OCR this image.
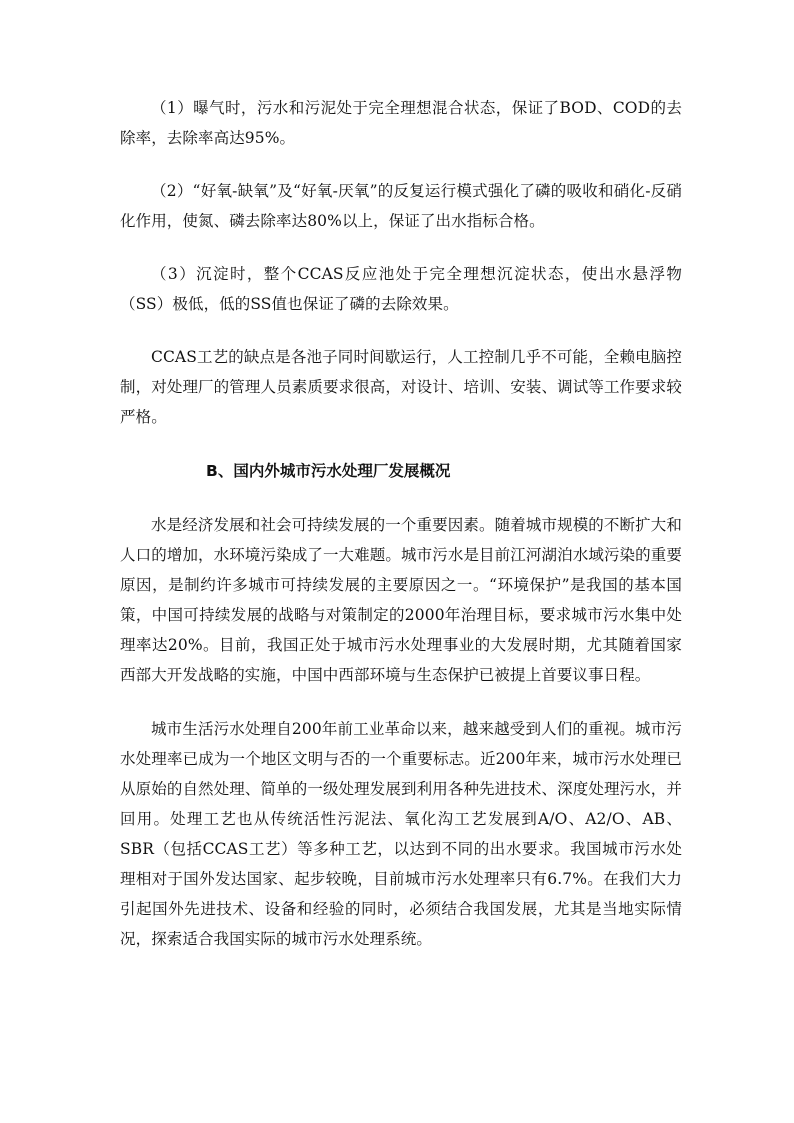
（1）曝气时，污水和污泥处于完全理想混合状态，保证了BOD、COD的去除率，去除率高达95%。

（2）“好氧-缺氧”及“好氧-厌氧”的反复运行模式强化了磷的吸收和硝化-反硝化作用，使氮、磷去除率达80%以上，保证了出水指标合格。

（3）沉淀时，整个CCAS反应池处于完全理想沉淀状态，使出水悬浮物（SS）极低，低的SS值也保证了磷的去除效果。

CCAS工艺的缺点是各池子同时间歇运行，人工控制几乎不可能，全赖电脑控制，对处理厂的管理人员素质要求很高，对设计、培训、安装、调试等工作要求较严格。

B、国内外城市污水处理厂发展概况

水是经济发展和社会可持续发展的一个重要因素。随着城市规模的不断扩大和人口的增加，水环境污染成了一大难题。城市污水是目前江河湖泊水域污染的重要原因，是制约许多城市可持续发展的主要原因之一。“环境保护”是我国的基本国策，中国可持续发展的战略与对策制定的2000年治理目标，要求城市污水集中处理率达20%。目前，我国正处于城市污水处理事业的大发展时期，尤其随着国家西部大开发战略的实施，中国中西部环境与生态保护已被提上首要议事日程。

城市生活污水处理自200年前工业革命以来，越来越受到人们的重视。城市污水处理率已成为一个地区文明与否的一个重要标志。近200年来，城市污水处理已从原始的自然处理、简单的一级处理发展到利用各种先进技术、深度处理污水，并回用。处理工艺也从传统活性污泥法、氧化沟工艺发展到A/O、A2/O、AB、SBR（包括CCAS工艺）等多种工艺，以达到不同的出水要求。我国城市污水处理相对于国外发达国家、起步较晚，目前城市污水处理率只有6.7%。在我们大力引起国外先进技术、设备和经验的同时，必须结合我国发展，尤其是当地实际情况，探索适合我国实际的城市污水处理系统。
